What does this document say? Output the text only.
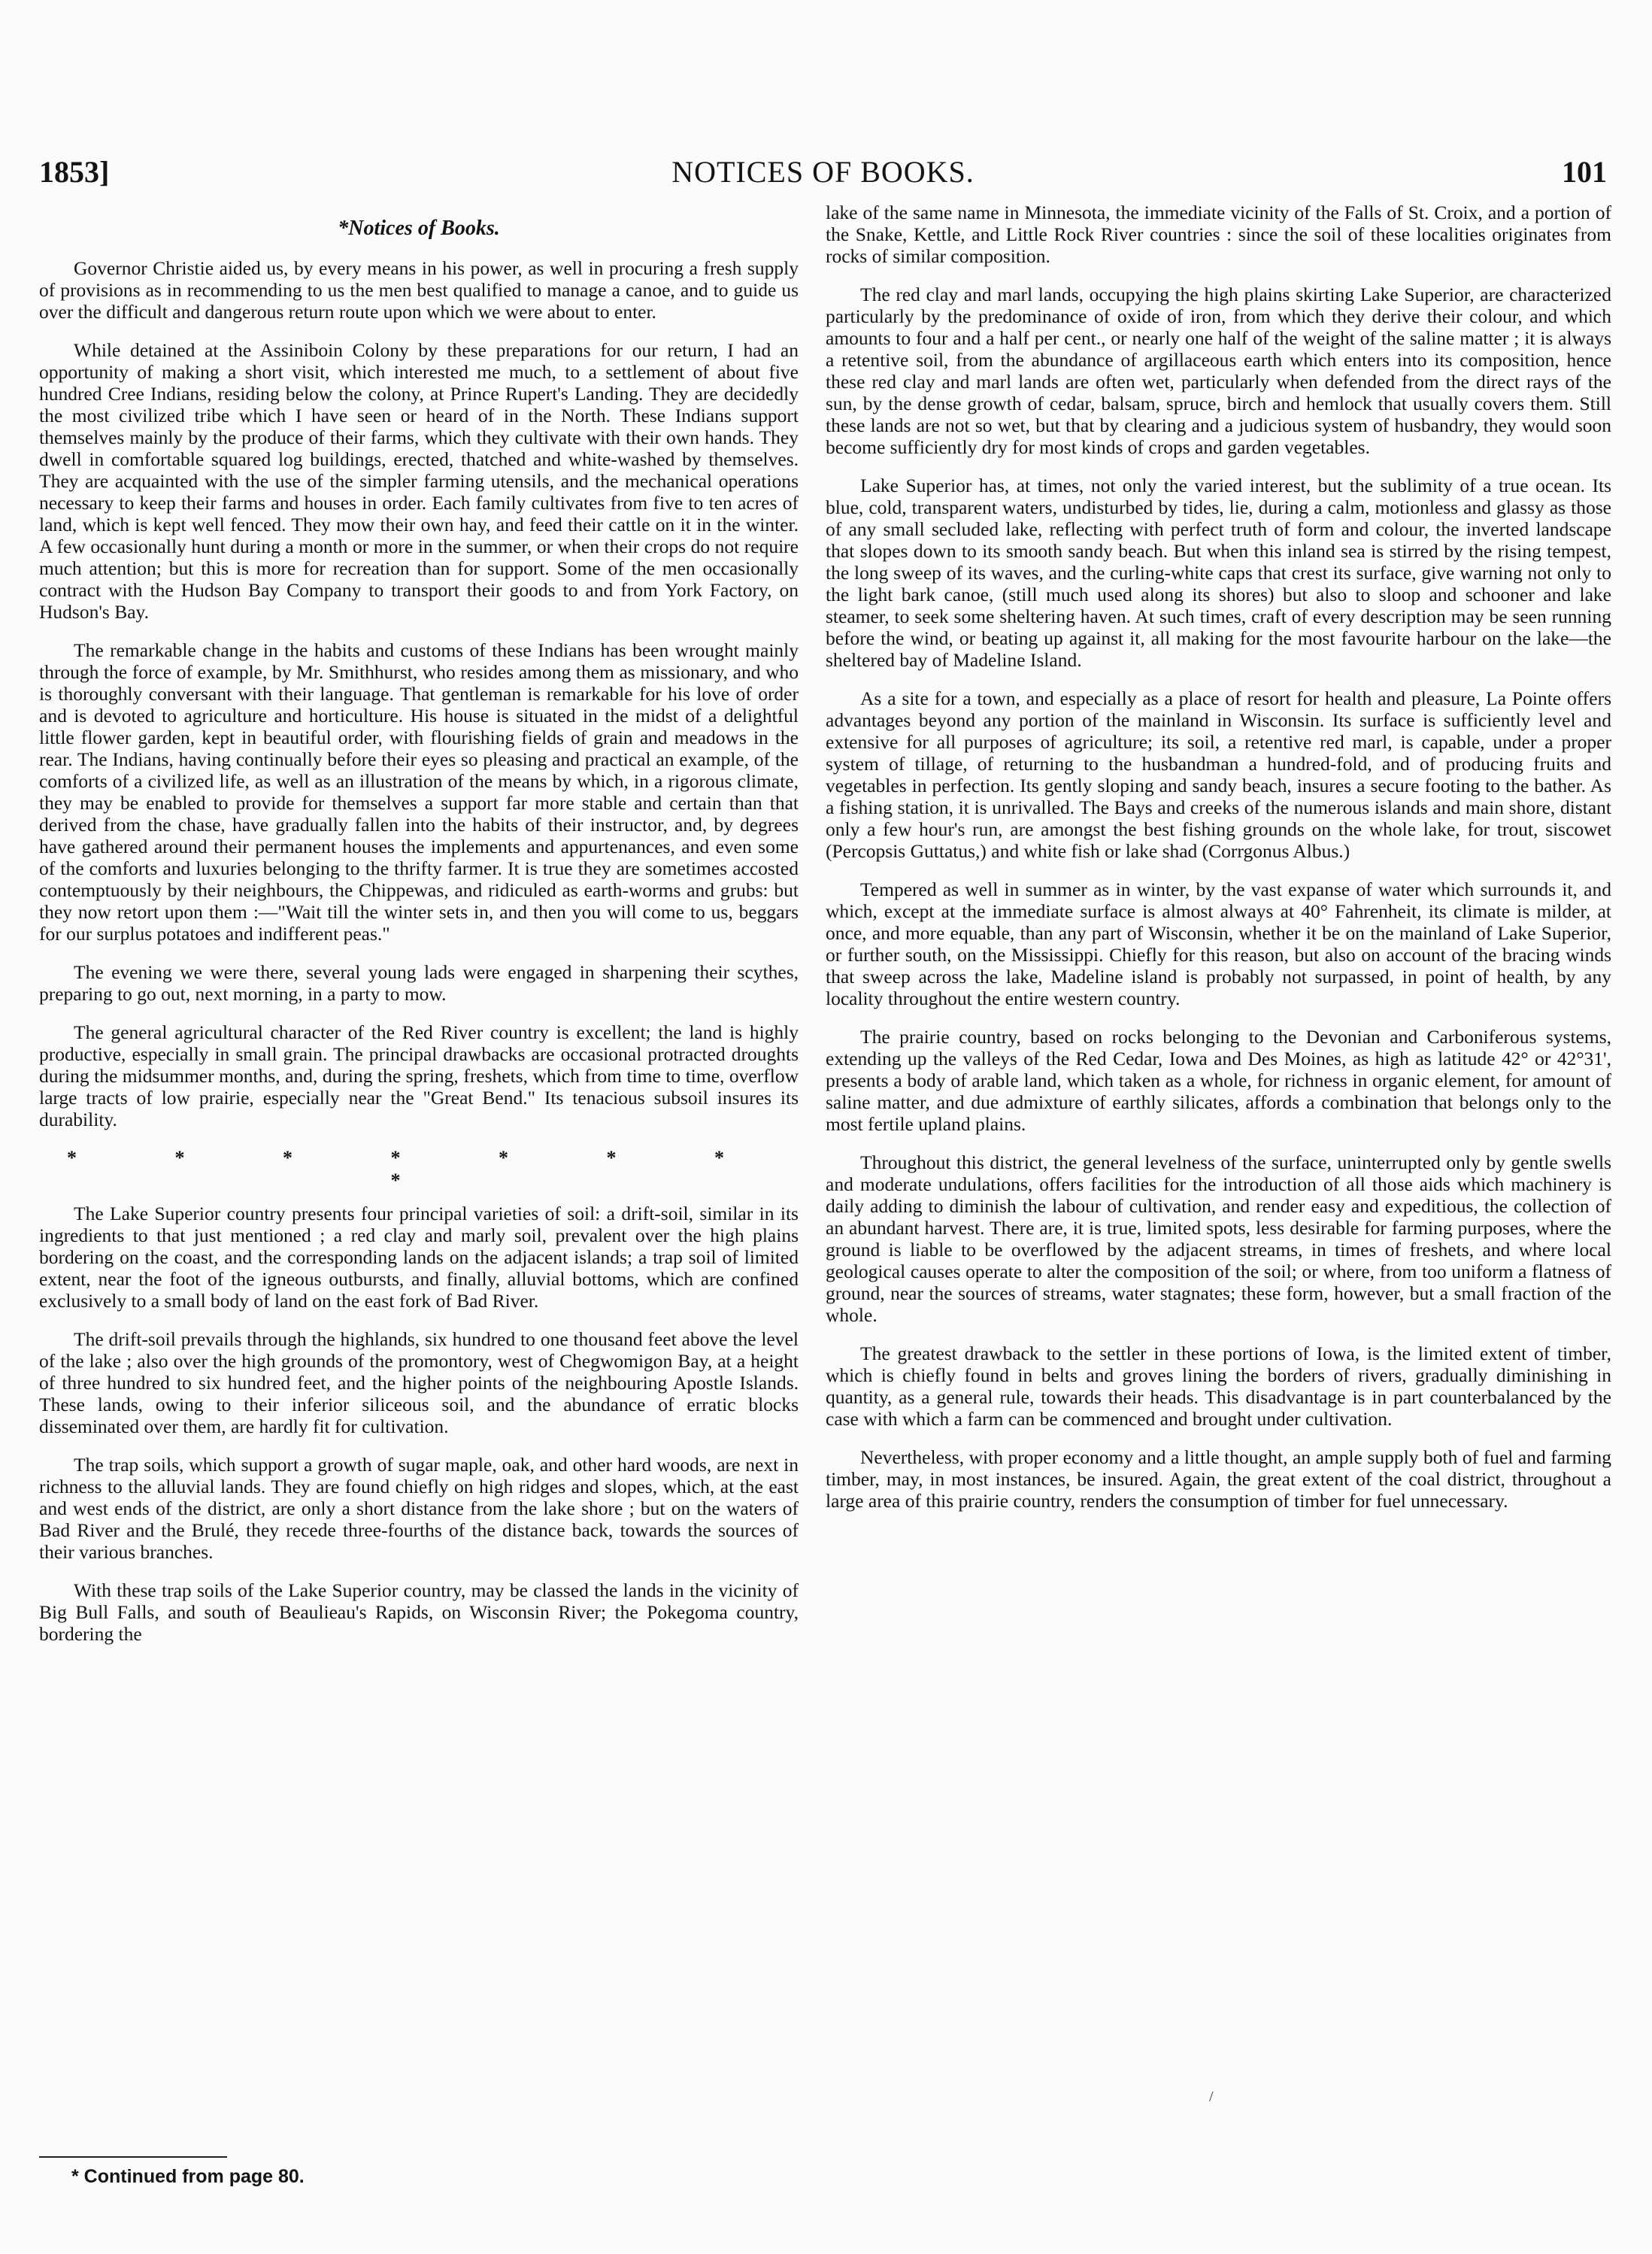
1853]	NOTICES OF BOOKS.	101
*Notices of Books.

Governor Christie aided us, by every means in his power, as well in procuring a fresh supply of provisions as in recommending to us the men best qualified to manage a canoe, and to guide us over the difficult and dangerous return route upon which we were about to enter.

While detained at the Assiniboin Colony by these preparations for our return, I had an opportunity of making a short visit, which interested me much, to a settlement of about five hundred Cree Indians, residing below the colony, at Prince Rupert's Landing. They are decidedly the most civilized tribe which I have seen or heard of in the North. These Indians support themselves mainly by the produce of their farms, which they cultivate with their own hands. They dwell in comfortable squared log buildings, erected, thatched and white-washed by themselves. They are acquainted with the use of the simpler farming utensils, and the mechanical operations necessary to keep their farms and houses in order. Each family cultivates from five to ten acres of land, which is kept well fenced. They mow their own hay, and feed their cattle on it in the winter. A few occasionally hunt during a month or more in the summer, or when their crops do not require much attention; but this is more for recreation than for support. Some of the men occasionally contract with the Hudson Bay Company to transport their goods to and from York Factory, on Hudson's Bay.

The remarkable change in the habits and customs of these Indians has been wrought mainly through the force of example, by Mr. Smithhurst, who resides among them as missionary, and who is thoroughly conversant with their language. That gentleman is remarkable for his love of order and is devoted to agriculture and horticulture. His house is situated in the midst of a delightful little flower garden, kept in beautiful order, with flourishing fields of grain and meadows in the rear. The Indians, having continually before their eyes so pleasing and practical an example, of the comforts of a civilized life, as well as an illustration of the means by which, in a rigorous climate, they may be enabled to provide for themselves a support far more stable and certain than that derived from the chase, have gradually fallen into the habits of their instructor, and, by degrees have gathered around their permanent houses the implements and appurtenances, and even some of the comforts and luxuries belonging to the thrifty farmer. It is true they are sometimes accosted contemptuously by their neighbours, the Chippewas, and ridiculed as earth-worms and grubs: but they now retort upon them :—"Wait till the winter sets in, and then you will come to us, beggars for our surplus potatoes and indifferent peas."

The evening we were there, several young lads were engaged in sharpening their scythes, preparing to go out, next morning, in a party to mow.

The general agricultural character of the Red River country is excellent; the land is highly productive, especially in small grain. The principal drawbacks are occasional protracted droughts during the midsummer months, and, during the spring, freshets, which from time to time, overflow large tracts of low prairie, especially near the "Great Bend." Its tenacious subsoil insures its durability.

* * * * * * * *

The Lake Superior country presents four principal varieties of soil: a drift-soil, similar in its ingredients to that just mentioned ; a red clay and marly soil, prevalent over the high plains bordering on the coast, and the corresponding lands on the adjacent islands; a trap soil of limited extent, near the foot of the igneous outbursts, and finally, alluvial bottoms, which are confined exclusively to a small body of land on the east fork of Bad River.

The drift-soil prevails through the highlands, six hundred to one thousand feet above the level of the lake ; also over the high grounds of the promontory, west of Chegwomigon Bay, at a height of three hundred to six hundred feet, and the higher points of the neighbouring Apostle Islands. These lands, owing to their inferior siliceous soil, and the abundance of erratic blocks disseminated over them, are hardly fit for cultivation.

The trap soils, which support a growth of sugar maple, oak, and other hard woods, are next in richness to the alluvial lands. They are found chiefly on high ridges and slopes, which, at the east and west ends of the district, are only a short distance from the lake shore ; but on the waters of Bad River and the Brulé, they recede three-fourths of the distance back, towards the sources of their various branches.

With these trap soils of the Lake Superior country, may be classed the lands in the vicinity of Big Bull Falls, and south of Beaulieau's Rapids, on Wisconsin River; the Pokegoma country, bordering the

lake of the same name in Minnesota, the immediate vicinity of the Falls of St. Croix, and a portion of the Snake, Kettle, and Little Rock River countries : since the soil of these localities originates from rocks of similar composition.

The red clay and marl lands, occupying the high plains skirting Lake Superior, are characterized particularly by the predominance of oxide of iron, from which they derive their colour, and which amounts to four and a half per cent., or nearly one half of the weight of the saline matter ; it is always a retentive soil, from the abundance of argillaceous earth which enters into its composition, hence these red clay and marl lands are often wet, particularly when defended from the direct rays of the sun, by the dense growth of cedar, balsam, spruce, birch and hemlock that usually covers them. Still these lands are not so wet, but that by clearing and a judicious system of husbandry, they would soon become sufficiently dry for most kinds of crops and garden vegetables.

Lake Superior has, at times, not only the varied interest, but the sublimity of a true ocean. Its blue, cold, transparent waters, undisturbed by tides, lie, during a calm, motionless and glassy as those of any small secluded lake, reflecting with perfect truth of form and colour, the inverted landscape that slopes down to its smooth sandy beach. But when this inland sea is stirred by the rising tempest, the long sweep of its waves, and the curling-white caps that crest its surface, give warning not only to the light bark canoe, (still much used along its shores) but also to sloop and schooner and lake steamer, to seek some sheltering haven. At such times, craft of every description may be seen running before the wind, or beating up against it, all making for the most favourite harbour on the lake—the sheltered bay of Madeline Island.

As a site for a town, and especially as a place of resort for health and pleasure, La Pointe offers advantages beyond any portion of the mainland in Wisconsin. Its surface is sufficiently level and extensive for all purposes of agriculture; its soil, a retentive red marl, is capable, under a proper system of tillage, of returning to the husbandman a hundred-fold, and of producing fruits and vegetables in perfection. Its gently sloping and sandy beach, insures a secure footing to the bather. As a fishing station, it is unrivalled. The Bays and creeks of the numerous islands and main shore, distant only a few hour's run, are amongst the best fishing grounds on the whole lake, for trout, siscowet (Percopsis Guttatus,) and white fish or lake shad (Corrgonus Albus.)

Tempered as well in summer as in winter, by the vast expanse of water which surrounds it, and which, except at the immediate surface is almost always at 40° Fahrenheit, its climate is milder, at once, and more equable, than any part of Wisconsin, whether it be on the mainland of Lake Superior, or further south, on the Mississippi. Chiefly for this reason, but also on account of the bracing winds that sweep across the lake, Madeline island is probably not surpassed, in point of health, by any locality throughout the entire western country.

The prairie country, based on rocks belonging to the Devonian and Carboniferous systems, extending up the valleys of the Red Cedar, Iowa and Des Moines, as high as latitude 42° or 42°31', presents a body of arable land, which taken as a whole, for richness in organic element, for amount of saline matter, and due admixture of earthly silicates, affords a combination that belongs only to the most fertile upland plains.

Throughout this district, the general levelness of the surface, uninterrupted only by gentle swells and moderate undulations, offers facilities for the introduction of all those aids which machinery is daily adding to diminish the labour of cultivation, and render easy and expeditious, the collection of an abundant harvest. There are, it is true, limited spots, less desirable for farming purposes, where the ground is liable to be overflowed by the adjacent streams, in times of freshets, and where local geological causes operate to alter the composition of the soil; or where, from too uniform a flatness of ground, near the sources of streams, water stagnates; these form, however, but a small fraction of the whole.

The greatest drawback to the settler in these portions of Iowa, is the limited extent of timber, which is chiefly found in belts and groves lining the borders of rivers, gradually diminishing in quantity, as a general rule, towards their heads. This disadvantage is in part counterbalanced by the case with which a farm can be commenced and brought under cultivation.

Nevertheless, with proper economy and a little thought, an ample supply both of fuel and farming timber, may, in most instances, be insured. Again, the great extent of the coal district, throughout a large area of this prairie country, renders the consumption of timber for fuel unnecessary.

/
* Continued from page 80.
